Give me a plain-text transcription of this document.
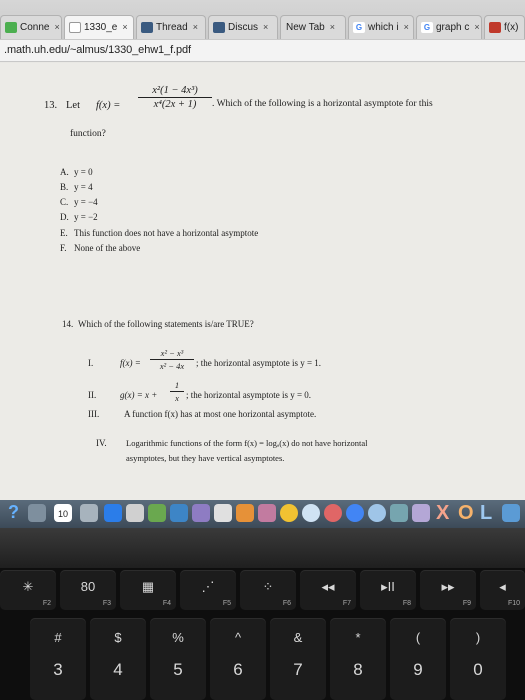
Conne ×	1330_e ×	Thread ×	Discus ×	New Tab ×	G which i ×	G graph c ×	f(x)
.math.uh.edu/~almus/1330_ehw1_f.pdf
13. Let f(x) =
x²(1 − 4x³)
x⁴(2x + 1)	. Which of the following is a horizontal asymptote for this
function?
A. y = 0
B. y = 4
C. y = −4
D. y = −2
E. This function does not have a horizontal asymptote
F. None of the above
14. Which of the following statements is/are TRUE?
I.	f(x) =
x² − x³
x² − 4x	; the horizontal asymptote is y = 1.
II.	g(x) = x +
1
x ; the horizontal asymptote is y = 0.
III.	A function f(x) has at most one horizontal asymptote.
IV. Logarithmic functions of the form f(x) = logₐ(x) do not have horizontal
asymptotes, but they have vertical asymptotes.
?	10	X O L
✳
F2
80
F3
▦
F4
⋰
F5
⁘
F6
◂◂
F7
▸II
F8
▸▸
F9
◂
F10
#
3
$
4
%
5
^
6
&
7
*
8
(
9
)
0
